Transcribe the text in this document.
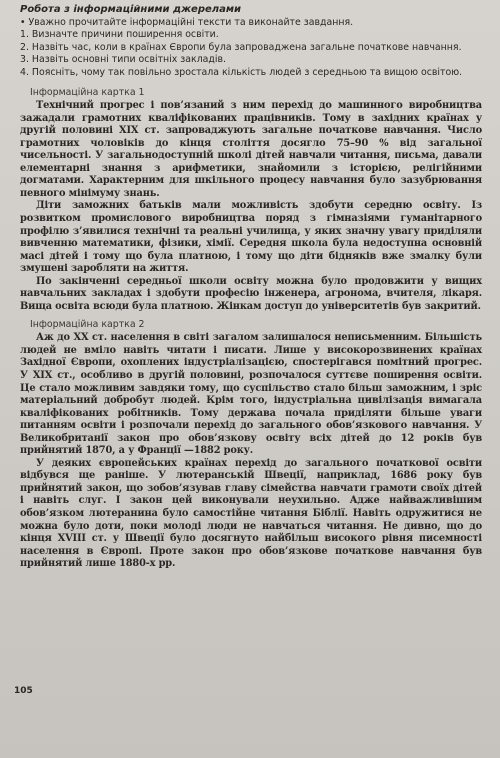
Робота з інформаційними джерелами
• Уважно прочитайте інформаційні тексти та виконайте завдання.
1. Визначте причини поширення освіти.
2. Назвіть час, коли в країнах Європи була запроваджена загальне початкове навчання.
3. Назвіть основні типи освітніх закладів.
4. Поясніть, чому так повільно зростала кількість людей з середньою та вищою освітою.
Інформаційна картка 1

Технічний прогрес і пов’язаний з ним перехід до машинного виробництва зажадали грамотних кваліфікованих працівників. Тому в західних країнах у другій половині XIX ст. запроваджують загальне початкове навчання. Число грамотних чоловіків до кінця століття досягло 75–90 % від загальної чисельності. У загальнодоступній школі дітей навчали читання, письма, давали елементарні знання з арифметики, знайомили з історією, релігійними догматами. Характерним для шкільного процесу навчання було зазубрювання певного мінімуму знань.

Діти заможних батьків мали можливість здобути середню освіту. Із розвитком промислового виробництва поряд з гімназіями гуманітарного профілю з’явилися технічні та реальні училища, у яких значну увагу приділяли вивченню математики, фізики, хімії. Середня школа була недоступна основній масі дітей і тому що була платною, і тому що діти бідняків вже змалку були змушені заробляти на життя.

По закінченні середньої школи освіту можна було продовжити у вищих навчальних закладах і здобути професію інженера, агронома, вчителя, лікаря. Вища освіта всюди була платною. Жінкам доступ до університетів був закритий.

Інформаційна картка 2

Аж до XX ст. населення в світі загалом залишалося неписьменним. Більшість людей не вміло навіть читати і писати. Лише у високорозвинених країнах Західної Європи, охоплених індустріалізацією, спостерігався помітний прогрес. У XIX ст., особливо в другій половині, розпочалося суттєве поширення освіти. Це стало можливим завдяки тому, що суспільство стало більш заможним, і зріс матеріальний добробут людей. Крім того, індустріальна цивілізація вимагала кваліфікованих робітників. Тому держава почала приділяти більше уваги питанням освіти і розпочали перехід до загального обов’язкового навчання. У Великобританії закон про обов’язкову освіту всіх дітей до 12 років був прийнятий 1870, а у Франції —1882 року.

У деяких європейських країнах перехід до загального початкової освіти відбувся ще раніше. У лютеранській Швеції, наприклад, 1686 року був прийнятий закон, що зобов’язував главу сімейства навчати грамоти своїх дітей і навіть слуг. І закон цей виконували неухильно. Адже найважливішим обов’язком лютеранина було самостійне читання Біблії. Навіть одружитися не можна було доти, поки молоді люди не навчаться читання. Не дивно, що до кінця XVIII ст. у Швеції було досягнуто найбільш високого рівня писемності населення в Європі. Проте закон про обов’язкове початкове навчання був прийнятий лише 1880-х рр.

105
